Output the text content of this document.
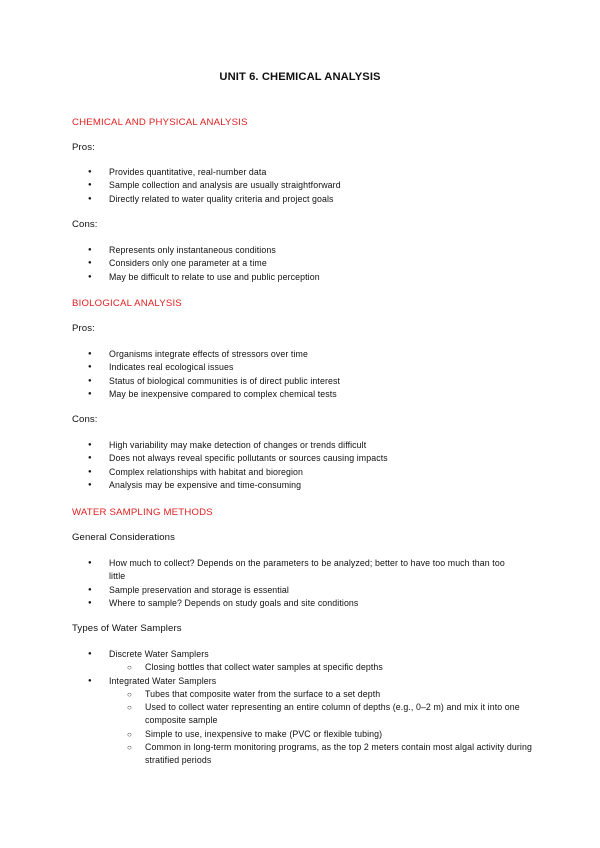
UNIT 6. CHEMICAL ANALYSIS
CHEMICAL AND PHYSICAL ANALYSIS
Pros:
● Provides quantitative, real-number data
● Sample collection and analysis are usually straightforward
● Directly related to water quality criteria and project goals
Cons:
● Represents only instantaneous conditions
● Considers only one parameter at a time
● May be difficult to relate to use and public perception
BIOLOGICAL ANALYSIS
Pros:
● Organisms integrate effects of stressors over time
● Indicates real ecological issues
● Status of biological communities is of direct public interest
● May be inexpensive compared to complex chemical tests
Cons:
● High variability may make detection of changes or trends difficult
● Does not always reveal specific pollutants or sources causing impacts
● Complex relationships with habitat and bioregion
● Analysis may be expensive and time-consuming
WATER SAMPLING METHODS
General Considerations
● How much to collect? Depends on the parameters to be analyzed; better to have too much than too little
● Sample preservation and storage is essential
● Where to sample? Depends on study goals and site conditions
Types of Water Samplers
● Discrete Water Samplers
○ Closing bottles that collect water samples at specific depths
● Integrated Water Samplers
○ Tubes that composite water from the surface to a set depth
○ Used to collect water representing an entire column of depths (e.g., 0–2 m) and mix it into one composite sample
○ Simple to use, inexpensive to make (PVC or flexible tubing)
○ Common in long-term monitoring programs, as the top 2 meters contain most algal activity during stratified periods
